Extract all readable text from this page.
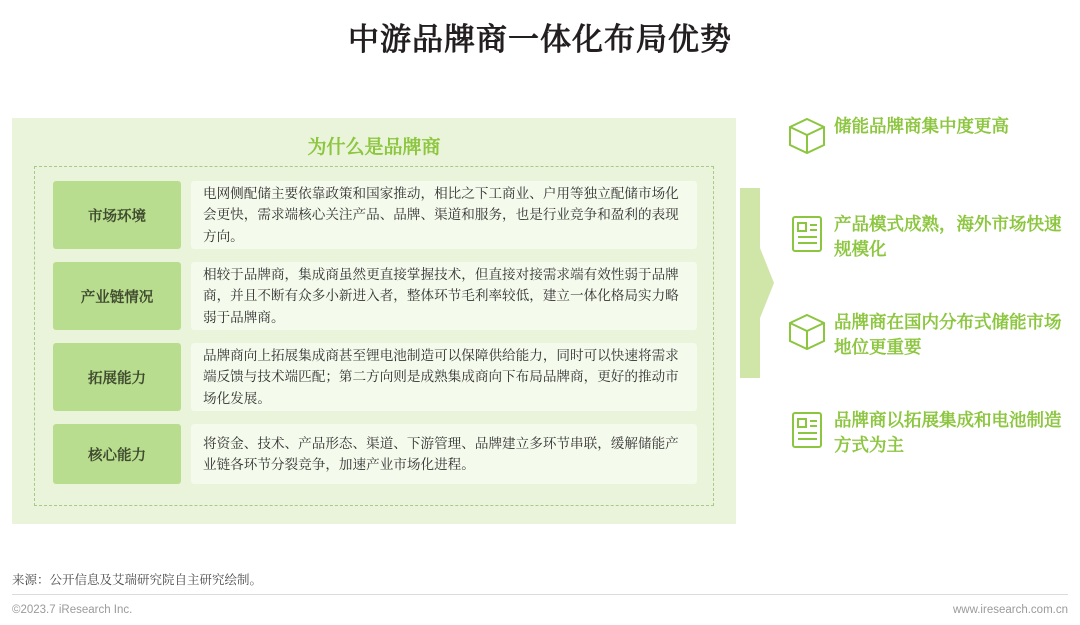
中游品牌商一体化布局优势
为什么是品牌商
市场环境
电网侧配储主要依靠政策和国家推动，相比之下工商业、户用等独立配储市场化会更快，需求端核心关注产品、品牌、渠道和服务，也是行业竞争和盈利的表现方向。
产业链情况
相较于品牌商，集成商虽然更直接掌握技术，但直接对接需求端有效性弱于品牌商，并且不断有众多小新进入者，整体环节毛利率较低，建立一体化格局实力略弱于品牌商。
拓展能力
品牌商向上拓展集成商甚至锂电池制造可以保障供给能力，同时可以快速将需求端反馈与技术端匹配；第二方向则是成熟集成商向下布局品牌商，更好的推动市场化发展。
核心能力
将资金、技术、产品形态、渠道、下游管理、品牌建立多环节串联，缓解储能产业链各环节分裂竞争，加速产业市场化进程。
储能品牌商集中度更高
产品模式成熟，海外市场快速规模化
品牌商在国内分布式储能市场地位更重要
品牌商以拓展集成和电池制造方式为主
来源：公开信息及艾瑞研究院自主研究绘制。
©2023.7 iResearch Inc.	www.iresearch.com.cn
